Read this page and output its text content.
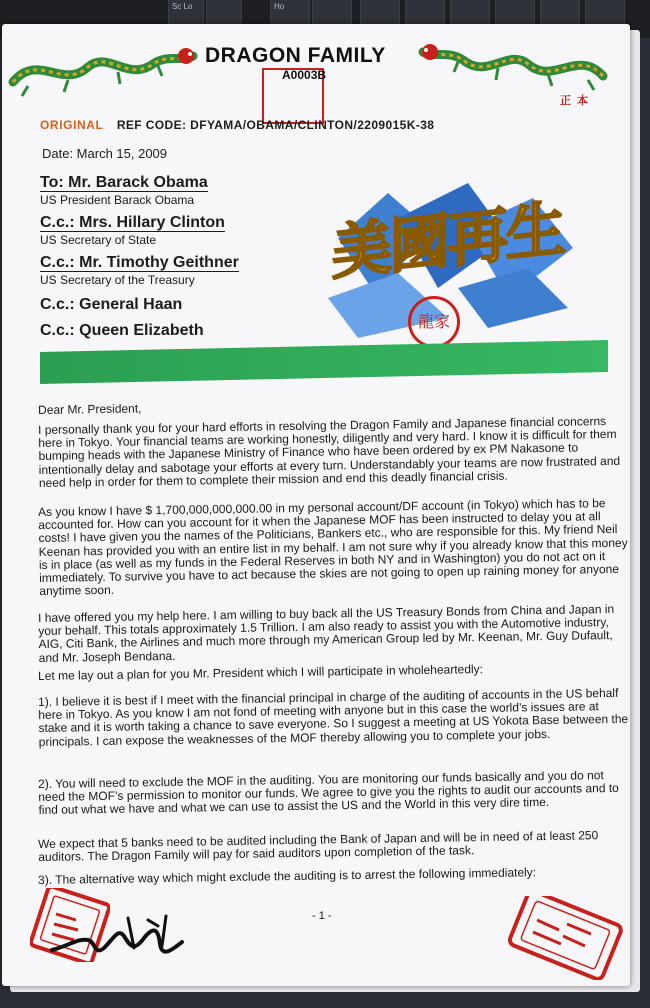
Sc Lo	Ho
DRAGON FAMILY
A0003B	山
正本
ORIGINAL REF CODE: DFYAMA/OBAMA/CLINTON/2209015K-38
Date: March 15, 2009
To: Mr. Barack Obama
US President Barack Obama
C.c.: Mrs. Hillary Clinton
US Secretary of State
C.c.: Mr. Timothy Geithner
US Secretary of the Treasury
C.c.: General Haan
C.c.: Queen Elizabeth
美國再生
龍家
Dear Mr. President,
I personally thank you for your hard efforts in resolving the Dragon Family and Japanese financial concerns here in Tokyo. Your financial teams are working honestly, diligently and very hard. I know it is difficult for them bumping heads with the Japanese Ministry of Finance who have been ordered by ex PM Nakasone to intentionally delay and sabotage your efforts at every turn. Understandably your teams are now frustrated and need help in order for them to complete their mission and end this deadly financial crisis.
As you know I have $ 1,700,000,000,000.00 in my personal account/DF account (in Tokyo) which has to be accounted for. How can you account for it when the Japanese MOF has been instructed to delay you at all costs! I have given you the names of the Politicians, Bankers etc., who are responsible for this. My friend Neil Keenan has provided you with an entire list in my behalf. I am not sure why if you already know that this money is in place (as well as my funds in the Federal Reserves in both NY and in Washington) you do not act on it immediately. To survive you have to act because the skies are not going to open up raining money for anyone anytime soon.
I have offered you my help here. I am willing to buy back all the US Treasury Bonds from China and Japan in your behalf. This totals approximately 1.5 Trillion. I am also ready to assist you with the Automotive industry, AIG, Citi Bank, the Airlines and much more through my American Group led by Mr. Keenan, Mr. Guy Dufault, and Mr. Joseph Bendana.
Let me lay out a plan for you Mr. President which I will participate in wholeheartedly:
1). I believe it is best if I meet with the financial principal in charge of the auditing of accounts in the US behalf here in Tokyo. As you know I am not fond of meeting with anyone but in this case the world’s issues are at stake and it is worth taking a chance to save everyone. So I suggest a meeting at US Yokota Base between the principals. I can expose the weaknesses of the MOF thereby allowing you to complete your jobs.
2). You will need to exclude the MOF in the auditing. You are monitoring our funds basically and you do not need the MOF’s permission to monitor our funds. We agree to give you the rights to audit our accounts and to find out what we have and what we can use to assist the US and the World in this very dire time.
We expect that 5 banks need to be audited including the Bank of Japan and will be in need of at least 250 auditors. The Dragon Family will pay for said auditors upon completion of the task.
3). The alternative way which might exclude the auditing is to arrest the following immediately:
- 1 -
